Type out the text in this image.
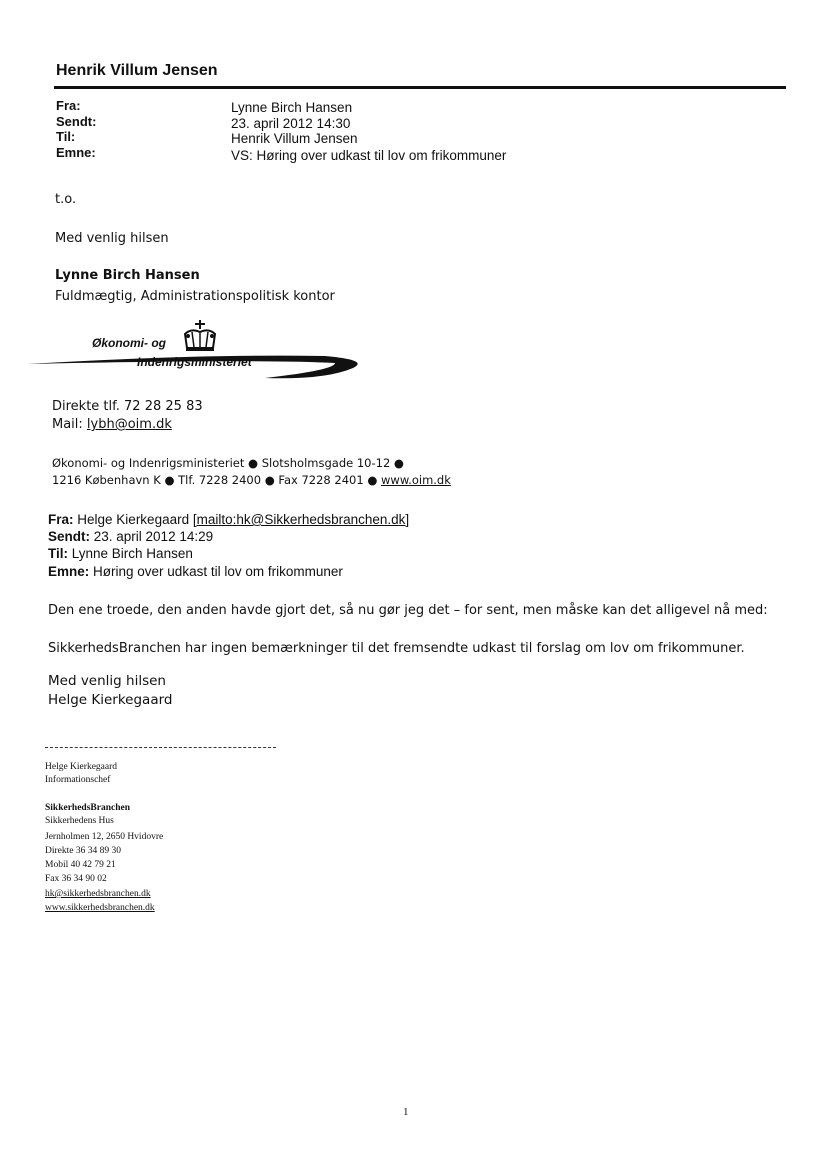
Henrik Villum Jensen
Fra:	Lynne Birch Hansen
Sendt:	23. april 2012 14:30
Til:	Henrik Villum Jensen
Emne:	VS: Høring over udkast til lov om frikommuner
t.o.
Med venlig hilsen
Lynne Birch Hansen
Fuldmægtig, Administrationspolitisk kontor
Økonomi- og
Indenrigsministeriet
Direkte tlf. 72 28 25 83
Mail: lybh@oim.dk
Økonomi- og Indenrigsministeriet ● Slotsholmsgade 10-12 ●
1216 København K ● Tlf. 7228 2400 ● Fax 7228 2401 ● www.oim.dk
Fra: Helge Kierkegaard [mailto:hk@Sikkerhedsbranchen.dk]
Sendt: 23. april 2012 14:29
Til: Lynne Birch Hansen
Emne: Høring over udkast til lov om frikommuner
Den ene troede, den anden havde gjort det, så nu gør jeg det – for sent, men måske kan det alligevel nå med:
SikkerhedsBranchen har ingen bemærkninger til det fremsendte udkast til forslag om lov om frikommuner.
Med venlig hilsen
Helge Kierkegaard
Helge Kierkegaard
Informationschef
SikkerhedsBranchen
Sikkerhedens Hus
Jernholmen 12, 2650 Hvidovre
Direkte 36 34 89 30
Mobil 40 42 79 21
Fax 36 34 90 02
hk@sikkerhedsbranchen.dk
www.sikkerhedsbranchen.dk
1
